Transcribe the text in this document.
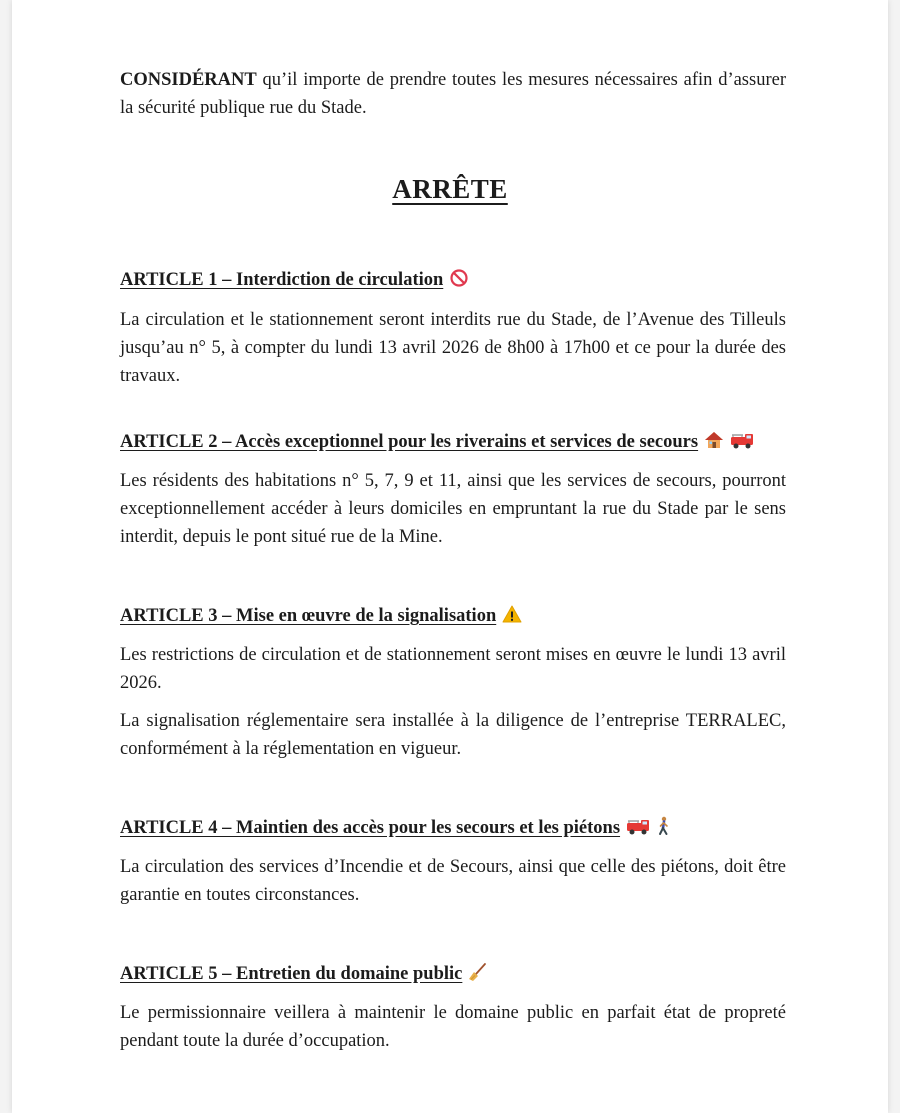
CONSIDÉRANT qu’il importe de prendre toutes les mesures nécessaires afin d’assurer la sécurité publique rue du Stade.

ARRÊTE
ARTICLE 1 – Interdiction de circulation

La circulation et le stationnement seront interdits rue du Stade, de l’Avenue des Tilleuls jusqu’au n° 5, à compter du lundi 13 avril 2026 de 8h00 à 17h00 et ce pour la durée des travaux.

ARTICLE 2 – Accès exceptionnel pour les riverains et services de secours

Les résidents des habitations n° 5, 7, 9 et 11, ainsi que les services de secours, pourront exceptionnellement accéder à leurs domiciles en empruntant la rue du Stade par le sens interdit, depuis le pont situé rue de la Mine.

ARTICLE 3 – Mise en œuvre de la signalisation

Les restrictions de circulation et de stationnement seront mises en œuvre le lundi 13 avril 2026.

La signalisation réglementaire sera installée à la diligence de l’entreprise TERRALEC, conformément à la réglementation en vigueur.

ARTICLE 4 – Maintien des accès pour les secours et les piétons

La circulation des services d’Incendie et de Secours, ainsi que celle des piétons, doit être garantie en toutes circonstances.

ARTICLE 5 – Entretien du domaine public

Le permissionnaire veillera à maintenir le domaine public en parfait état de propreté pendant toute la durée d’occupation.
